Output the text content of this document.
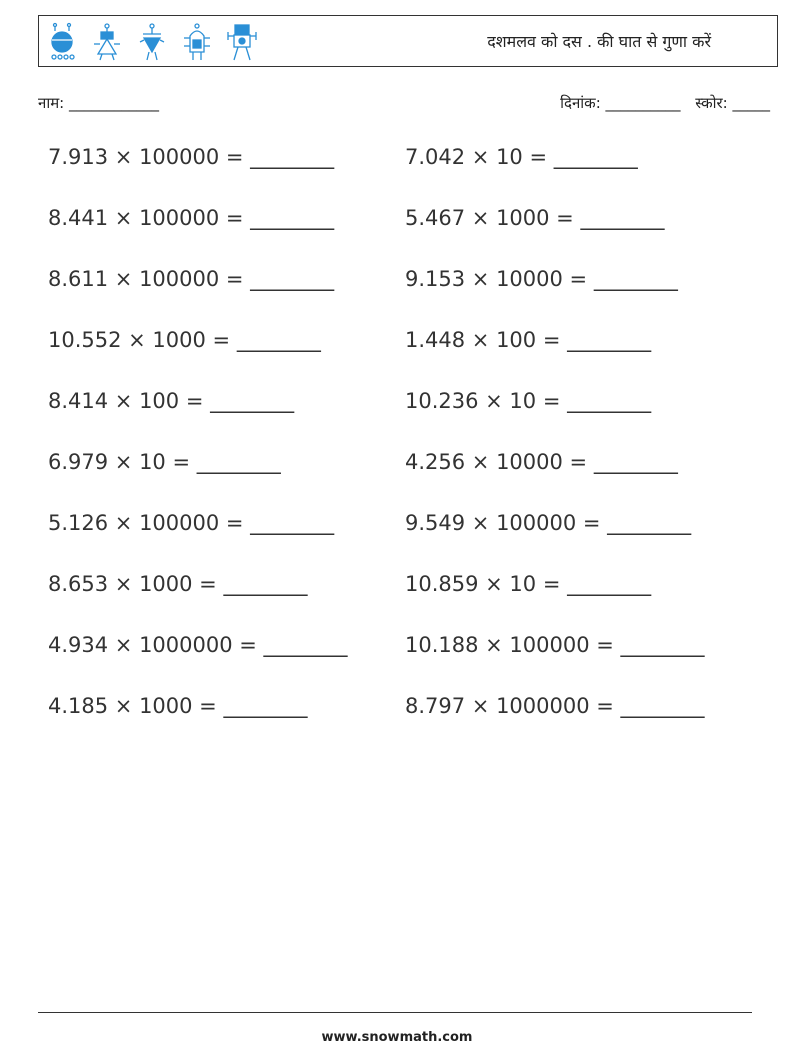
दशमलव को दस . की घात से गुणा करें
नाम: ____________	दिनांक: __________ स्कोर: _____
7.913 × 100000 = ________	7.042 × 10 = ________
8.441 × 100000 = ________	5.467 × 1000 = ________
8.611 × 100000 = ________	9.153 × 10000 = ________
10.552 × 1000 = ________	1.448 × 100 = ________
8.414 × 100 = ________	10.236 × 10 = ________
6.979 × 10 = ________	4.256 × 10000 = ________
5.126 × 100000 = ________	9.549 × 100000 = ________
8.653 × 1000 = ________	10.859 × 10 = ________
4.934 × 1000000 = ________	10.188 × 100000 = ________
4.185 × 1000 = ________	8.797 × 1000000 = ________
www.snowmath.com
